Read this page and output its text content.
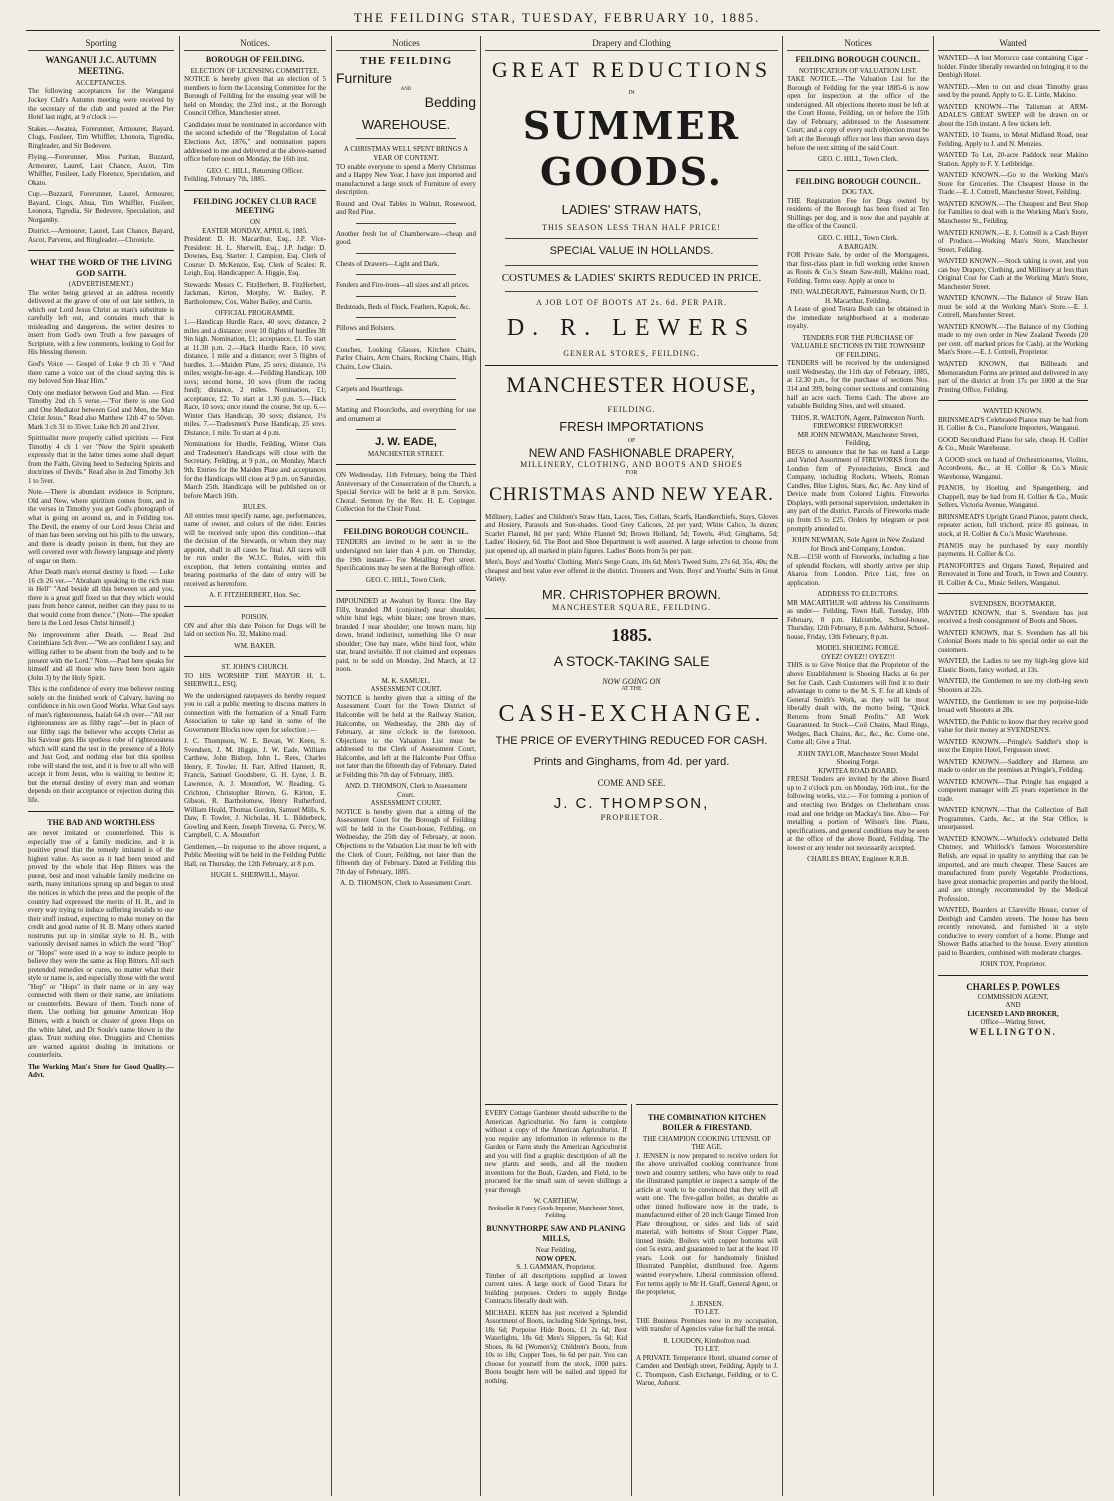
THE FEILDING STAR, TUESDAY, FEBRUARY 10, 1885.
Sporting
WANGANUI J.C. AUTUMN MEETING.
ACCEPTANCES.

The following acceptances for the Wanganui Jockey Club's Autumn meeting were received by the secretary of the club and posted at the Pier Hotel last night, at 9 o'clock :—

Stakes.—Awatea, Forerunner, Armourer, Bayard, Clogs, Fusileer, Tim Whiffler, Lhonora, Tigredia, Ringleader, and Sir Bedevere.

Flying.—Forerunner, Miss Puritan, Buzzard, Armourer, Laurel, Last Chance, Ascot, Tim Whiffler, Fusileer, Lady Florence, Speculation, and Okato.

Cup.—Buzzard, Forerunner, Laurel, Armourer, Bayard, Clogs, Ahua, Tim Whiffler, Fusileer, Leonora, Tigredia, Sir Bedevere, Speculation, and Norgamby.

District.—Armourer, Laurel, Last Chance, Bayard, Ascot, Parvenu, and Ringleader.—Chronicle.

WHAT THE WORD OF THE LIVING GOD SAITH.
(ADVERTISEMENT.)

The writer being grieved at an address recently delivered at the grave of one of our late settlers, in which our Lord Jesus Christ as man's substitute is carefully left out, and contains much that is misleading and dangerous, the writer desires to insert from God's own Truth a few passages of Scripture, with a few comments, looking to God for His blessing thereon.

God's Voice — Gospel of Luke 9 ch 35 v "And there came a voice out of the cloud saying this is my beloved Son Hear Him."

Only one mediator between God and Man. — First Timothy 2nd ch 5 verse.—"For there is one God and One Mediator between God and Men, the Man Christ Jesus." Read also Matthew 12th 47 to 50ver. Mark 3 ch 31 to 35ver. Luke 8ch 20 and 21ver.

Spiritualist more properly called spiritists — First Timothy 4 ch 1 ver "Now the Spirit speaketh expressly that in the latter times some shall depart from the Faith, Giving heed to Seducing Spirits and doctrines of Devils." Read also in 2nd Timothy 3ch 1 to 5ver.

Note.—There is abundant evidence in Scripture, Old and New, where spiritism comes from, and in the verses in Timothy you get God's photograph of what is going on around us, and in Feilding too. The Devil, the enemy of our Lord Jesus Christ and of man has been serving out his pills to the unwary, and there is deadly poison in them, but they are well covered over with flowery language and plenty of sugar on them.

After Death man's eternal destiny is fixed. — Luke 16 ch 26 ver.—"Abraham speaking to the rich man in Hell" "And beside all this between us and you, there is a great gulf fixed so that they which would pass from hence cannot, neither can they pass to us that would come from thence." (Note—The speaker here is the Lord Jesus Christ himself.)

No improvement after Death. — Read 2nd Corinthians 5ch 8ver.—"We are confident I say, and willing rather to be absent from the body and to be present with the Lord." Note.—Paul here speaks for himself and all those who have been born again (John 3) by the Holy Spirit.

This is the confidence of every true believer resting solely on the finished work of Calvary, having no confidence in his own Good Works. What God says of man's righteousness, Isaiah 64 ch over—"All our righteousness are as filthy rags"—but in place of our filthy rags the believer who accepts Christ as his Saviour gets His spotless robe of righteousness which will stand the test in the presence of a Holy and Just God, and nothing else but this spotless robe will stand the test, and it is free to all who will accept it from Jesus, who is waiting to bestow it; but the eternal destiny of every man and woman depends on their acceptance or rejection during this life.

THE BAD AND WORTHLESS

are never imitated or counterfeited. This is especially true of a family medicine, and it is positive proof that the remedy imitated is of the highest value. As soon as it had been tested and proved by the whole that Hop Bitters was the purest, best and most valuable family medicine on earth, many imitations sprung up and began to steal the notices in which the press and the people of the country had expressed the merits of H. B., and in every way trying to induce suffering invalids to use their stuff instead, expecting to make money on the credit and good name of H. B. Many others started nostrums put up in similar style to H. B., with variously devised names in which the word "Hop" or "Hops" were used in a way to induce people to believe they were the same as Hop Bitters. All such pretended remedies or cures, no matter what their style or name is, and especially those with the word "Hop" or "Hops" in their name or in any way connected with them or their name, are imitations or counterfeits. Beware of them. Touch none of them. Use nothing but genuine American Hop Bitters, with a bunch or cluster of green Hops on the white label, and Dr Soule's name blown in the glass. Trust nothing else. Druggists and Chemists are warned against dealing in imitations or counterfeits.

The Working Man's Store for Good Quality.—Advt.

Notices.
BOROUGH OF FEILDING.
ELECTION OF LICENSING COMMITTEE.

NOTICE is hereby given that an election of 5 members to form the Licensing Committee for the Borough of Feilding for the ensuing year will be held on Monday, the 23rd inst., at the Borough Council Office, Manchester street.

Candidates must be nominated in accordance with the second schedule of the "Regulation of Local Elections Act, 1876," and nomination papers addressed to me and delivered at the above-named office before noon on Monday, the 16th inst.

GEO. C. HILL, Returning Officer.

Feilding, February 7th, 1885.

FEILDING JOCKEY CLUB RACE MEETING
ON
EASTER MONDAY, APRIL 6, 1885.

President: D. H. Macarthur, Esq., J.P. Vice-President: H. L. Sherwill, Esq., J.P. Judge: D. Downes, Esq. Starter: J. Campion, Esq. Clerk of Course: D. McKenzie, Esq. Clerk of Scales: R. Leigh, Esq. Handicapper: A. Higgie, Esq.

Stewards: Messrs C. FitzHerbert, B. FitzHerbert, Jackman, Kirton, Morphy, W. Bailey, P. Bartholomew, Cox, Walter Bailey, and Curtis.

OFFICIAL PROGRAMME.

1.—Handicap Hurdle Race, 40 sovs; distance, 2 miles and a distance; over 10 flights of hurdles 3ft 9in high. Nomination, £1; acceptance, £1. To start at 11.30 p.m. 2.—Hack Hurdle Race, 10 sovs; distance, 1 mile and a distance; over 5 flights of hurdles. 3.—Maiden Plate, 25 sovs; distance, 1¼ miles; weight-for-age. 4.—Feilding Handicap, 100 sovs; second horse, 10 sovs (from the racing fund); distance, 2 miles. Nomination, £1; acceptance, £2. To start at 1.30 p.m. 5.—Hack Race, 10 sovs; once round the course, 9st up. 6.—Winter Oats Handicap, 30 sovs; distance, 1¼ miles. 7.—Tradesmen's Purse Handicap, 25 sovs. Distance, 1 mile. To start at 4 p.m.

Nominations for Hurdle, Feilding, Winter Oats and Tradesmen's Handicaps will close with the Secretary, Feilding, at 9 p.m., on Monday, March 9th. Entries for the Maiden Plate and acceptances for the Handicaps will close at 9 p.m. on Saturday, March 25th. Handicaps will be published on or before March 16th.

RULES.

All entries must specify name, age, performances, name of owner, and colors of the rider. Entries will be received only upon this condition—that the decision of the Stewards, or whom they may appoint, shall in all cases be final. All races will be run under the W.J.C. Rules, with this exception, that letters containing entries and bearing postmarks of the date of entry will be received as heretofore.

A. F. FITZHERBERT, Hon. Sec.
POISON.

ON and after this date Poison for Dogs will be laid on section No. 32, Makino road.

WM. BAKER.
ST. JOHN'S CHURCH.

TO HIS WORSHIP THE MAYOR H. L. SHERWILL, ESQ.

We the undersigned ratepayers do hereby request you to call a public meeting to discuss matters in connection with the formation of a Small Farm Association to take up land in some of the Government Blocks now open for selection :—

J. C. Thompson, W. E. Bevan, W. Keen, S. Svendsen, J. M. Higgie, J. W. Eade, William Carthew, John Bishop, John L. Rees, Charles Henry, F. Towler, H. Farr, Alfred Hannett, R. Francis, Samuel Goodsbere, G. H. Lyne, J. B. Lawrence, A. J. Mountfort, W. Reading, G. Crichton, Christopher Brown, G. Kirton, E. Gibson, R. Bartholomew, Henry Rutherford, William Heald, Thomas Gordon, Samuel Mills, S. Daw, F. Towler, J. Nicholas, H. L. Bilderbeck, Gowling and Keen, Joseph Trevena, G. Percy, W. Campbell, C. A. Mountfort

Gentlemen,—In response to the above request, a Public Meeting will be held in the Feilding Public Hall, on Thursday, the 12th February, at 8 p.m.

HUGH L. SHERWILL, Mayor.
Notices
THE FEILDING
Furniture
AND
Bedding
WAREHOUSE.
A CHRISTMAS WELL SPENT BRINGS A YEAR OF CONTENT.

TO enable everyone to spend a Merry Christmas and a Happy New Year, I have just imported and manufactured a large stock of Furniture of every description.

Round and Oval Tables in Walnut, Rosewood, and Red Pine.

Another fresh lot of Chamberware—cheap and good.

Chests of Drawers—Light and Dark.

Fenders and Fire-irons—all sizes and all prices.

Bedsteads, Beds of Flock, Feathers, Kapok, &c.

Pillows and Bolsters.

Couches, Looking Glasses, Kitchen Chairs, Parlor Chairs, Arm Chairs, Rocking Chairs, High Chairs, Low Chairs.

Carpets and Hearthrugs.

Matting and Floorcloths, and everything for use and ornament at

J. W. EADE,
MANCHESTER STREET.

ON Wednesday, 11th February, being the Third Anniversary of the Consecration of the Church, a Special Service will be held at 8 p.m. Service, Choral. Sermon by the Rev. H. E. Copinger. Collection for the Choir Fund.

FEILDING BOROUGH COUNCIL.

TENDERS are invited to be sent in to the undersigned not later than 4 p.m. on Thursday, the 19th instant— For Metalling Port street. Specifications may be seen at the Borough office.

GEO. C. HILL, Town Clerk.

IMPOUNDED at Awahuri by Ruera: One Bay Filly, branded JM (conjoined) near shoulder, white hind legs, white blaze; one brown mare, branded J near shoulder; one brown mare, hip down, brand indistinct, something like O near shoulder; One bay mare, white hind foot, white star, brand invisible. If not claimed and expenses paid, to be sold on Monday, 2nd March, at 12 noon.

M. K. SAMUEL.
ASSESSMENT COURT.

NOTICE is hereby given that a sitting of the Assessment Court for the Town District of Halcombe will be held at the Railway Station, Halcombe, on Wednesday, the 28th day of February, at nine o'clock in the forenoon. Objections to the Valuation List must be addressed to the Clerk of Assessment Court, Halcombe, and left at the Halcombe Post Office not later than the fifteenth day of February. Dated at Feilding this 7th day of February, 1885.

AND. D. THOMSON, Clerk to Assessment Court.
ASSESSMENT COURT.

NOTICE is hereby given that a sitting of the Assessment Court for the Borough of Feilding will be held in the Court-house, Feilding, on Wednesday, the 25th day of February, at noon. Objections to the Valuation List must be left with the Clerk of Court, Feilding, not later than the fifteenth day of February. Dated at Feilding this 7th day of February, 1885.

A. D. THOMSON, Clerk to Assessment Court.
Drapery and Clothing
GREAT REDUCTIONS
IN
SUMMER GOODS.
LADIES' STRAW HATS,
THIS SEASON LESS THAN HALF PRICE!
SPECIAL VALUE IN HOLLANDS.
COSTUMES & LADIES' SKIRTS REDUCED IN PRICE.
A JOB LOT OF BOOTS AT 2s. 6d. PER PAIR.
D. R. LEWERS
GENERAL STORES, FEILDING.
MANCHESTER HOUSE,
FEILDING.
FRESH IMPORTATIONS
OF
NEW AND FASHIONABLE DRAPERY,
MILLINERY, CLOTHING, AND BOOTS AND SHOES
FOR
CHRISTMAS AND NEW YEAR.

Millinery, Ladies' and Children's Straw Hats, Laces, Ties, Collars, Scarfs, Handkerchiefs, Stays, Gloves and Hosiery, Parasols and Sun-shades. Good Grey Calicoes, 2d per yard; White Calico, 3s dozen; Scarlet Flannel, 8d per yard; White Flannel 9d; Brown Holland, 5d; Towels, 4½d; Ginghams, 5d; Ladies' Hosiery, 6d. The Boot and Shoe Department is well assorted. A large selection to choose from just opened up, all marked in plain figures. Ladies' Boots from 5s per pair.

Men's, Boys' and Youths' Clothing. Men's Serge Coats, 10s 6d; Men's Tweed Suits, 27s 6d, 35s, 40s; the cheapest and best value ever offered in the district. Trousers and Vests. Boys' and Youths' Suits in Great Variety.

MR. CHRISTOPHER BROWN.
MANCHESTER SQUARE, FEILDING.
1885.
A STOCK-TAKING SALE
NOW GOING ON
AT THE
CASH-EXCHANGE.
THE PRICE OF EVERYTHING REDUCED FOR CASH.
Prints and Ginghams, from 4d. per yard.
COME AND SEE.
J. C. THOMPSON,
PROPRIETOR.

EVERY Cottage Gardener should subscribe to the American Agriculturist. No farm is complete without a copy of the American Agriculturist. If you require any information in reference to the Garden or Farm study the American Agriculturist and you will find a graphic description of all the new plants and seeds, and all the modern inventions for the Bush, Garden, and Field, to be procured for the small sum of seven shillings a year through

W. CARTHEW,
Bookseller & Fancy Goods Importer, Manchester Street, Feilding.
BUNNYTHORPE SAW AND PLANING MILLS,
Near Feilding,
NOW OPEN.
S. J. GAMMAN, Proprietor.

Timber of all descriptions supplied at lowest current rates. A large stock of Good Totara for building purposes. Orders to supply Bridge Contracts liberally dealt with.

MICHAEL KEEN has just received a Splendid Assortment of Boots, including Side Springs, best, 18s 6d; Porpoise Hide Boots, £1 2s 6d; Best Waterlights, 18s 6d; Men's Slippers, 5s 6d; Kid Shoes, 8s 6d (Women's); Children's Boots, from 10s to 18s; Copper Toes, 6s 6d per pair. You can choose for yourself from the stock, 1000 pairs. Boots bought here will be nailed and tipped for nothing.

THE COMBINATION KITCHEN BOILER & FIRESTAND.
THE CHAMPION COOKING UTENSIL OF THE AGE.

J. JENSEN is now prepared to receive orders for the above unrivalled cooking contrivance from town and country settlers, who have only to read the illustrated pamphlet or inspect a sample of the article at work to be convinced that they will all want one. The five-gallon boiler, as durable as other tinned holloware now in the trade, is manufactured either of 20 inch Gauge Tinned Iron Plate throughout, or sides and lids of said material, with bottoms of Stout Copper Plate, tinned inside. Boilers with copper bottoms will cost 5s extra, and guaranteed to last at the least 10 years. Look out for handsomely finished Illustrated Pamphlet, distributed free. Agents wanted everywhere. Liberal commission offered. For terms apply to Mr H. Graff, General Agent, or the proprietor,

J. JENSEN.
TO LET.

THE Business Premises now in my occupation, with transfer of Agencies value for half the rental.

R. LOUDON, Kimbolton road.
TO LET.

A PRIVATE Temperance Hotel, situated corner of Camden and Denbigh street, Feilding. Apply to J. C. Thompson, Cash Exchange, Feilding, or to C. Warne, Ashurst.

Notices
FEILDING BOROUGH COUNCIL.
NOTIFICATION OF VALUATION LIST.

TAKE NOTICE.—The Valuation List for the Borough of Feilding for the year 1885-6 is now open for inspection at the office of the undersigned. All objections thereto must be left at the Court House, Feilding, on or before the 15th day of February, addressed to the Assessment Court; and a copy of every such objection must be left at the Borough office not less than seven days before the next sitting of the said Court.

GEO. C. HILL, Town Clerk.
FEILDING BOROUGH COUNCIL.
DOG TAX.

THE Registration Fee for Dogs owned by residents of the Borough has been fixed at Ten Shillings per dog, and is now due and payable at the office of the Council.

GEO. C. HILL, Town Clerk.
A BARGAIN.

FOR Private Sale, by order of the Mortgagees, that first-class plant in full working order known as Roots & Co.'s Steam Saw-mill, Makino road, Feilding. Terms easy. Apply at once to

JNO. WALDEGRAVE, Palmerston North, Or D. H. Macarthur, Feilding.

A Lease of good Totara Bush can be obtained in the immediate neighborhood at a moderate royalty.

TENDERS FOR THE PURCHASE OF VALUABLE SECTIONS IN THE TOWNSHIP OF FEILDING.

TENDERS will be received by the undersigned until Wednesday, the 11th day of February, 1885, at 12.30 p.m., for the purchase of sections Nos. 314 and 399, being corner sections and containing half an acre each. Terms Cash. The above are valuable Building Sites, and well situated.

THOS. R. WALTON, Agent, Palmerston North.
FIREWORKS! FIREWORKS!!
MR JOHN NEWMAN, Manchester Street, Feilding,

BEGS to announce that he has on hand a Large and Varied Assortment of FIREWORKS from the London firm of Pyrotechnists, Brock and Company, including Rockets, Wheels, Roman Candles, Blue Lights, Stars, &c, &c. Any kind of Device made from Colored Lights. Fireworks Displays, with personal supervision, undertaken in any part of the district. Parcels of Fireworks made up from £5 to £25. Orders by telegram or post promptly attended to.

JOHN NEWMAN, Sole Agent in New Zealand for Brock and Company, London.

N.B.—£150 worth of Fireworks, including a line of splendid Rockets, will shortly arrive per ship Akaroa from London. Price List, free on application.

ADDRESS TO ELECTORS.

MR MACARTHUR will address his Constituents as under— Feilding, Town Hall, Tuesday, 10th February, 8 p.m. Halcombe, School-house, Thursday, 12th February, 8 p.m. Ashhurst, School-house, Friday, 13th February, 8 p.m.

MODEL SHOEING FORGE.
OYEZ! OYEZ!! OYEZ!!!

THIS is to Give Notice that the Proprietor of the above Establishment is Shoeing Hacks at 6s per Set for Cash. Cash Customers will find it to their advantage to come to the M. S. F. for all kinds of General Smith's Work, as they will be most liberally dealt with, the motto being, "Quick Returns from Small Profits." All Work Guaranteed. In Stock—Coil Chains, Maul Rings, Wedges, Back Chains, &c., &c., &c. Come one, Come all; Give a Trial.

JOHN TAYLOR, Manchester Street Model Shoeing Forge.
KIWITEA ROAD BOARD.

FRESH Tenders are invited by the above Board up to 2 o'clock p.m. on Monday, 16th inst., for the following works, viz.:— For forming a portion of and erecting two Bridges on Cheltenham cross road and one bridge on Mackay's line. Also— For metalling a portion of Wilson's line. Plans, specifications, and general conditions may be seen at the office of the above Board, Feilding. The lowest or any tender not necessarily accepted.

CHARLES BRAY, Engineer K.R.B.
Wanted

WANTED—A lost Morocco case containing Cigar - holder. Finder liberally rewarded on bringing it to the Denbigh Hotel.

WANTED.—Men to cut and clean Timothy grass seed by the pound. Apply to G. E. Little, Makino.

WANTED KNOWN—The Talisman at ARM-ADALE'S GREAT SWEEP will be drawn on or about the 15th instant. A few tickets left.

WANTED, 10 Teams, to Metal Midland Road, near Feilding. Apply to J. and N. Menzies.

WANTED To Let, 20-acre Paddock near Makino Station. Apply to F. Y. Lethbridge.

WANTED KNOWN.—Go to the Working Man's Store for Groceries. The Cheapest House in the Trade.—E. J. Cottrell, Manchester Street, Feilding.

WANTED KNOWN.—The Cheapest and Best Shop for Families to deal with is the Working Man's Store, Manchester St., Feilding.

WANTED KNOWN.—E. J. Cottrell is a Cash Buyer of Produce.—Working Man's Store, Manchester Street, Feilding.

WANTED KNOWN.—Stock taking is over, and you can buy Drapery, Clothing, and Millinery at less than Original Cost for Cash at the Working Man's Store, Manchester Street.

WANTED KNOWN.—The Balance of Straw Hats must be sold at the Working Man's Store.—E. J. Cottrell, Manchester Street.

WANTED KNOWN.—The Balance of my Clothing made to my own order in New Zealand Tweeds (20 per cent. off marked prices for Cash), at the Working Man's Store.—E. J. Cottrell, Proprietor.

WANTED KNOWN, that Billheads and Memorandum Forms are printed and delivered in any part of the district at from 17s per 1000 at the Star Printing Office, Feilding.

WANTED KNOWN.

BRINSMEAD'S Celebrated Pianos may be had from H. Collier & Co., Pianoforte Importers, Wanganui.

GOOD Secondhand Piano for sale, cheap. H. Collier & Co., Music Warehouse.

A GOOD stock on hand of Orchestrionettes, Violins, Accordeons, &c., at H. Collier & Co.'s Music Warehouse, Wanganui.

PIANOS, by Hoeling and Spangenberg, and Chappell, may be had from H. Collier & Co., Music Sellers, Victoria Avenue, Wanganui.

BRINSMEAD'S Upright Grand Pianos, patent check, repeater action, full trichord, price 85 guineas, in stock, at H. Collier & Co.'s Music Warehouse.

PIANOS may be purchased by easy monthly payments. H. Collier & Co.

PIANOFORTES and Organs Tuned, Repaired and Renovated in Tone and Touch, in Town and Country. H. Collier & Co., Music Sellers, Wanganui.

SVENDSEN, BOOTMAKER.

WANTED KNOWN, that S. Svendsen has just received a fresh consignment of Boots and Shoes.

WANTED KNOWN, that S. Svendsen has all his Colonial Boots made to his special order so suit the customers.

WANTED, the Ladies to see my high-leg glove kid Elastic Boots, fancy worked, at 13s.

WANTED, the Gentlemen to see my cloth-leg sewn Shooters at 22s.

WANTED, the Gentlemen to see my porpoise-hide broad welt Shooters at 28s.

WANTED, the Public to know that they receive good value for their money at SVENDSEN'S.

WANTED KNOWN.—Pringle's Saddler's shop is next the Empire Hotel, Fergusson street.

WANTED KNOWN.—Saddlery and Harness are made to order on the premises at Pringle's, Feilding.

WANTED KNOWN—That Pringle has engaged a competent manager with 25 years experience in the trade.

WANTED KNOWN.—That the Collection of Ball Programmes, Cards, &c., at the Star Office, is unsurpassed.

WANTED KNOWN.—Whitlock's celebrated Delhi Chutney, and Whitlock's famous Worcestershire Relish, are equal in quality to anything that can be imported, and are much cheaper. These Sauces are manufactured from purely Vegetable Productions, have great stomachic properties and purify the blood, and are strongly recommended by the Medical Profession.

WANTED, Boarders at Clareville House, corner of Denbigh and Camden streets. The house has been recently renovated, and furnished in a style conducive to every comfort of a home. Plunge and Shower Baths attached to the house. Every attention paid to Boarders, combined with moderate charges.

JOHN TOY, Proprietor.
CHARLES P. POWLES
COMMISSION AGENT,
AND
LICENSED LAND BROKER,
Office—Waring Street,
WELLINGTON.
